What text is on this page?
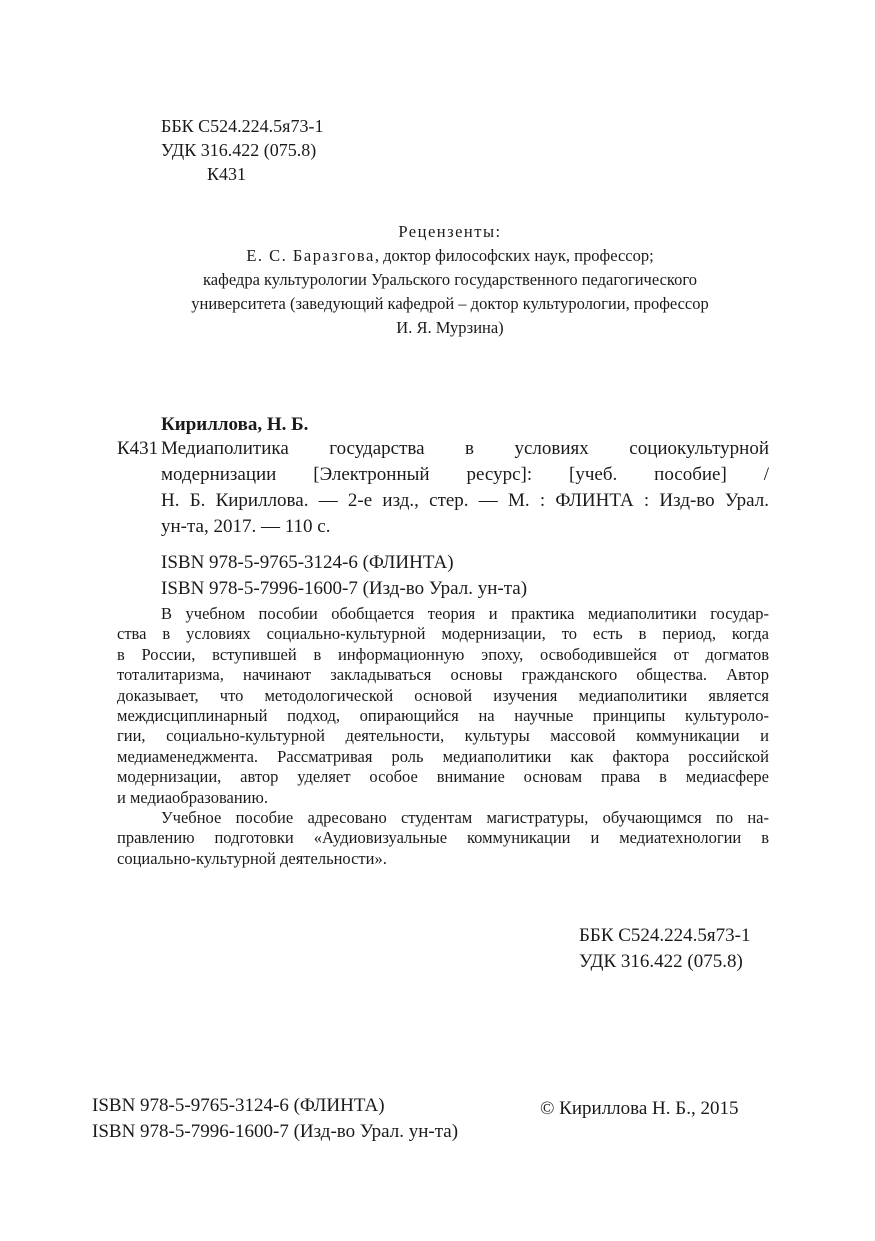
ББК С524.224.5я73-1
УДК 316.422 (075.8)
К431
Рецензенты:
Е. С. Баразгова, доктор философских наук, профессор;
кафедра культурологии Уральского государственного педагогического
университета (заведующий кафедрой – доктор культурологии, профессор
И. Я. Мурзина)
Кириллова, Н. Б.
К431 Медиаполитика государства в условиях социокультурной
модернизации [Электронный ресурс]: [учеб. пособие] /
Н. Б. Кириллова. — 2-е изд., стер. — М. : ФЛИНТА : Изд-во Урал.
ун-та, 2017. — 110 с.
ISBN 978-5-9765-3124-6 (ФЛИНТА)
ISBN 978-5-7996-1600-7 (Изд-во Урал. ун-та)
В учебном пособии обобщается теория и практика медиаполитики государ-
ства в условиях социально-культурной модернизации, то есть в период, когда
в России, вступившей в информационную эпоху, освободившейся от догматов
тоталитаризма, начинают закладываться основы гражданского общества. Автор
доказывает, что методологической основой изучения медиаполитики является
междисциплинарный подход, опирающийся на научные принципы культуроло-
гии, социально-культурной деятельности, культуры массовой коммуникации и
медиаменеджмента. Рассматривая роль медиаполитики как фактора российской
модернизации, автор уделяет особое внимание основам права в медиасфере
и медиаобразованию.
Учебное пособие адресовано студентам магистратуры, обучающимся по на-
правлению подготовки «Аудиовизуальные коммуникации и медиатехнологии в
социально-культурной деятельности».
ББК С524.224.5я73-1
УДК 316.422 (075.8)
ISBN 978-5-9765-3124-6 (ФЛИНТА)
ISBN 978-5-7996-1600-7 (Изд-во Урал. ун-та)
© Кириллова Н. Б., 2015
